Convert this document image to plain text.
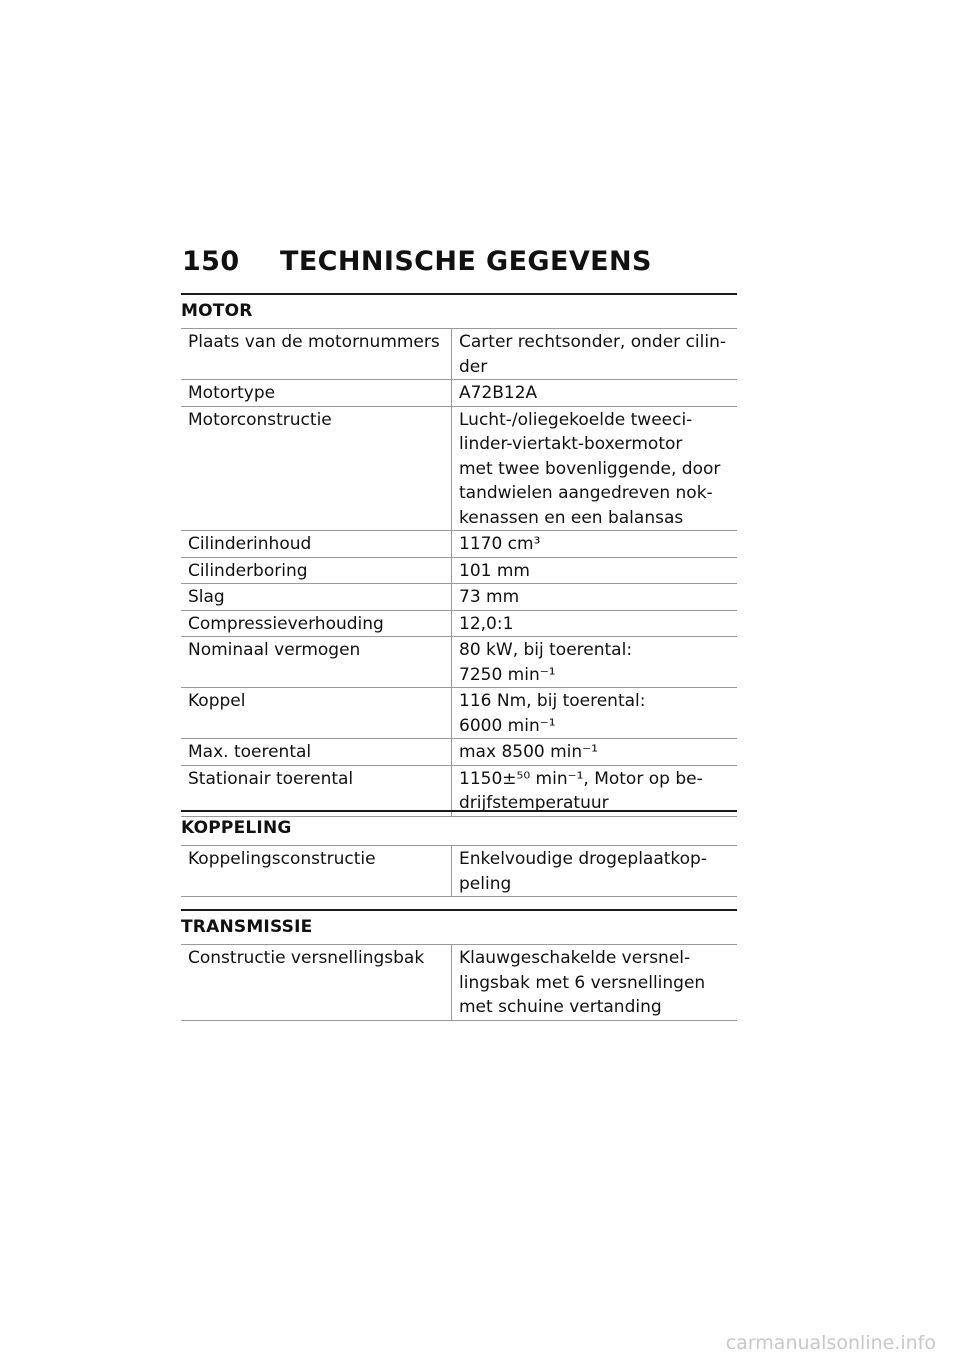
150 TECHNISCHE GEGEVENS
MOTOR
Plaats van de motornummers	Carter rechtsonder, onder cilin-
der
Motortype	A72B12A
Motorconstructie	Lucht-/oliegekoelde tweeci-
linder-viertakt-boxermotor
met twee bovenliggende, door
tandwielen aangedreven nok-
kenassen en een balansas
Cilinderinhoud	1170 cm³
Cilinderboring	101 mm
Slag	73 mm
Compressieverhouding	12,0:1
Nominaal vermogen	80 kW, bij toerental:
7250 min⁻¹
Koppel	116 Nm, bij toerental:
6000 min⁻¹
Max. toerental	max 8500 min⁻¹
Stationair toerental	1150±⁵⁰ min⁻¹, Motor op be-
drijfstemperatuur
KOPPELING
Koppelingsconstructie	Enkelvoudige drogeplaatkop-
peling
TRANSMISSIE
Constructie versnellingsbak	Klauwgeschakelde versnel-
lingsbak met 6 versnellingen
met schuine vertanding
carmanualsonline.info
